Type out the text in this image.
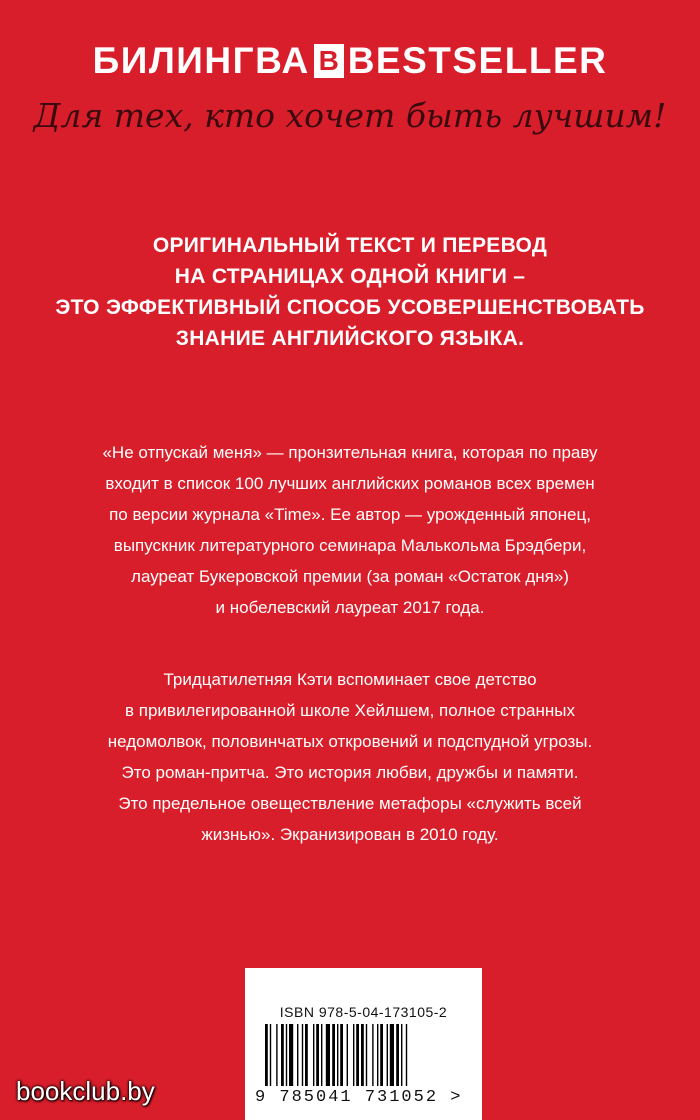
БИЛИНГВА B BESTSELLER
Для тех, кто хочет быть лучшим!
ОРИГИНАЛЬНЫЙ ТЕКСТ И ПЕРЕВОД
НА СТРАНИЦАХ ОДНОЙ КНИГИ –
ЭТО ЭФФЕКТИВНЫЙ СПОСОБ УСОВЕРШЕНСТВОВАТЬ
ЗНАНИЕ АНГЛИЙСКОГО ЯЗЫКА.
«Не отпускай меня» — пронзительная книга, которая по праву
входит в список 100 лучших английских романов всех времен
по версии журнала «Time». Ее автор — урожденный японец,
выпускник литературного семинара Малькольма Брэдбери,
лауреат Букеровской премии (за роман «Остаток дня»)
и нобелевский лауреат 2017 года.
Тридцатилетняя Кэти вспоминает свое детство
в привилегированной школе Хейлшем, полное странных
недомолвок, половинчатых откровений и подспудной угрозы.
Это роман-притча. Это история любви, дружбы и памяти.
Это предельное овеществление метафоры «служить всей
жизнью». Экранизирован в 2010 году.
ISBN 978-5-04-173105-2
9 785041 731052 >
bookclub.by
